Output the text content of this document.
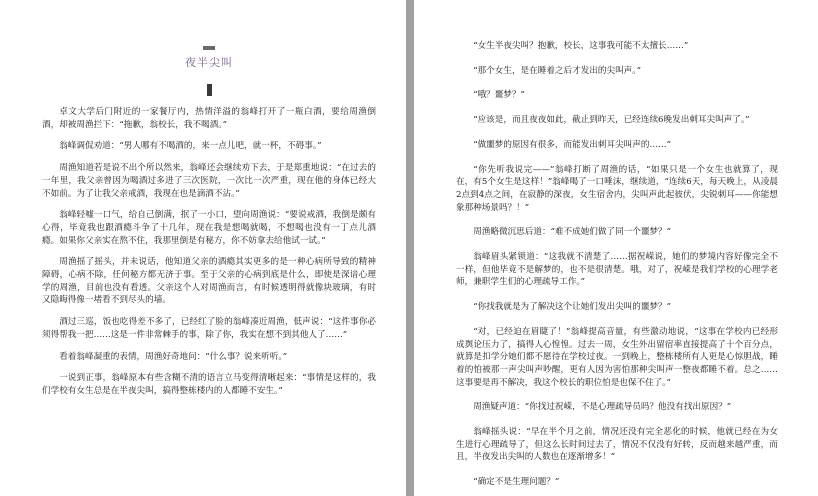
夜半尖叫

卓文大学后门附近的一家餐厅内，热情洋溢的翁峰打开了一瓶白酒，要给周渔倒酒，却被周渔拦下：“拖歉，翁校长，我不喝酒。”

翁峰调侃劝道：“男人哪有不喝酒的，来一点儿吧，就一杯，不碍事。”

周渔知道若是说不出个所以然来，翁峰还会继续劝下去，于是郑重地说：“在过去的一年里，我父亲曾因为喝酒过多进了三次医院，一次比一次严重，现在他的身体已经大不如前。为了让我父亲戒酒，我现在也是滴酒不沾。”

翁峰轻嘘一口气，给自己倒满，抿了一小口，望向周渔说：“要说戒酒，我倒是颇有心得，毕竟我也跟酒瘾斗争了十几年，现在我是想喝就喝，不想喝也没有一丁点儿酒瘾。如果你父亲实在熬不住，我那里倒是有秘方，你不妨拿去给他试一试。”

周渔摇了摇头，并未说话，他知道父亲的酒瘾其实更多的是一种心病所导致的精神障碍，心病不除，任何秘方都无济于事。至于父亲的心病到底是什么，即使是深谙心理学的周渔，目前也没有看透。父亲这个人对周渔而言，有时候透明得就像块玻璃，有时又隐晦得像一堵看不到尽头的墙。

酒过三巡，饭也吃得差不多了，已经红了脸的翁峰凑近周渔，低声说：“这件事你必须得帮我一把……这是一件非常棘手的事，除了你，我实在想不到其他人了……”

看着翁峰凝重的表情，周渔好奇地问：“什么事？说来听听。”

一说到正事，翁峰原本有些含糊不清的语言立马变得清晰起来：“事情是这样的，我们学校有女生总是在半夜尖叫，搞得整栋楼内的人都睡不安生。”

“女生半夜尖叫？抱歉，校长，这事我可能不太擅长……”

“那个女生，是在睡着之后才发出的尖叫声。”

“哦？噩梦？”

“应该是，而且夜夜如此，截止到昨天，已经连续6晚发出刺耳尖叫声了。”

“做噩梦的原因有很多，而能发出刺耳尖叫声的……”

“你先听我说完——”翁峰打断了周渔的话，“如果只是一个女生也就算了，现在，有5个女生是这样！”翁峰喝了一口唾沫，继续道，“连续6天，每天晚上，从凌晨2点到4点之间，在寂静的深夜，女生宿舍内，尖叫声此起彼伏，尖锐刺耳——你能想象那种场景吗？！”

周渔略微沉思后道：“难不成她们做了同一个噩梦？”

翁峰眉头紧锁道：“这我就不清楚了……据祝嵘说，她们的梦境内容好像完全不一样，但他毕竟不是解梦的，也不是很清楚。哦，对了，祝嵘是我们学校的心理学老师，兼职学生们的心理疏导工作。”

“你找我就是为了解决这个让她们发出尖叫的噩梦？”

“对，已经迫在眉睫了！”翁峰提高音量，有些激动地说，“这事在学校内已经形成舆论压力了，搞得人心惶惶。过去一周，女生外出留宿率直接提高了十个百分点，就算是扣学分她们都不愿待在学校过夜。一到晚上，整栋楼所有人更是心惊胆战，睡着的怕被那一声尖叫声吵醒，更有人因为害怕那种尖叫声一整夜都睡不着。总之……这事要是再不解决，我这个校长的职位怕是也保不住了。”

周渔疑声道：“你找过祝嵘，不是心理疏导员吗？他没有找出原因？”

翁峰摇头说：“早在半个月之前，情况还没有完全恶化的时候，他就已经在为女生进行心理疏导了，但这么长时间过去了，情况不仅没有好转，反而越来越严重，而且，半夜发出尖叫的人数也在逐渐增多！”

“确定不是生理问题？”
